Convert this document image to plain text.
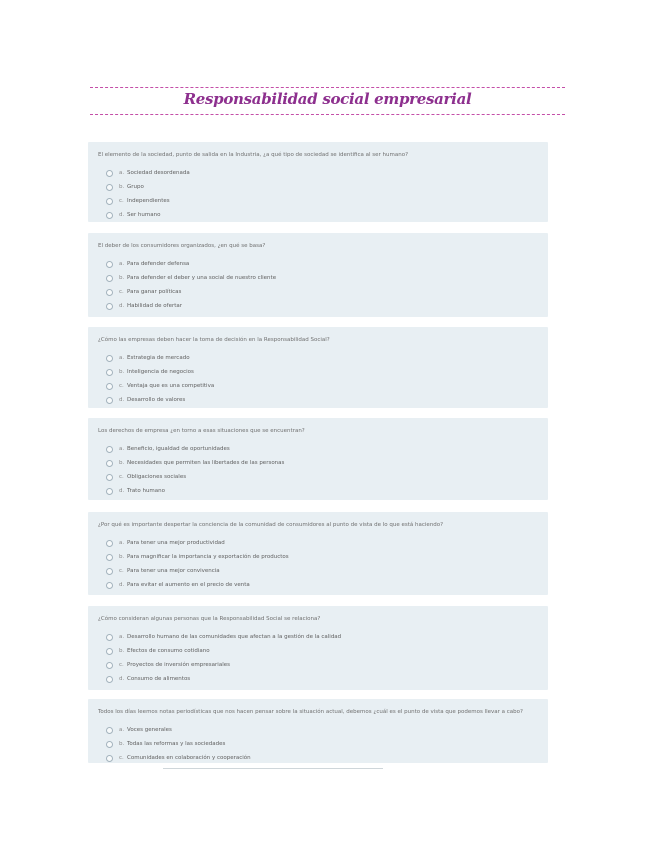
Responsabilidad social empresarial
El elemento de la sociedad, punto de salida en la Industria, ¿a qué tipo de sociedad se identifica al ser humano?
a. Sociedad desordenada
b. Grupo
c. Independientes
d. Ser humano
El deber de los consumidores organizados, ¿en qué se basa?
a. Para defender defensa
b. Para defender el deber y una social de nuestro cliente
c. Para ganar políticas
d. Habilidad de ofertar
¿Cómo las empresas deben hacer la toma de decisión en la Responsabilidad Social?
a. Estrategia de mercado
b. Inteligencia de negocios
c. Ventaja que es una competitiva
d. Desarrollo de valores
Los derechos de empresa ¿en torno a esas situaciones que se encuentran?
a. Beneficio, igualdad de oportunidades
b. Necesidades que permiten las libertades de las personas
c. Obligaciones sociales
d. Trato humano
¿Por qué es importante despertar la conciencia de la comunidad de consumidores al punto de vista de lo que está haciendo?
a. Para tener una mejor productividad
b. Para magnificar la importancia y exportación de productos
c. Para tener una mejor convivencia
d. Para evitar el aumento en el precio de venta
¿Cómo consideran algunas personas que la Responsabilidad Social se relaciona?
a. Desarrollo humano de las comunidades que afectan a la gestión de la calidad
b. Efectos de consumo cotidiano
c. Proyectos de inversión empresariales
d. Consumo de alimentos
Todos los días leemos notas periodísticas que nos hacen pensar sobre la situación actual, debemos ¿cuál es el punto de vista que podemos llevar a cabo?
a. Voces generales
b. Todas las reformas y las sociedades
c. Comunidades en colaboración y cooperación
